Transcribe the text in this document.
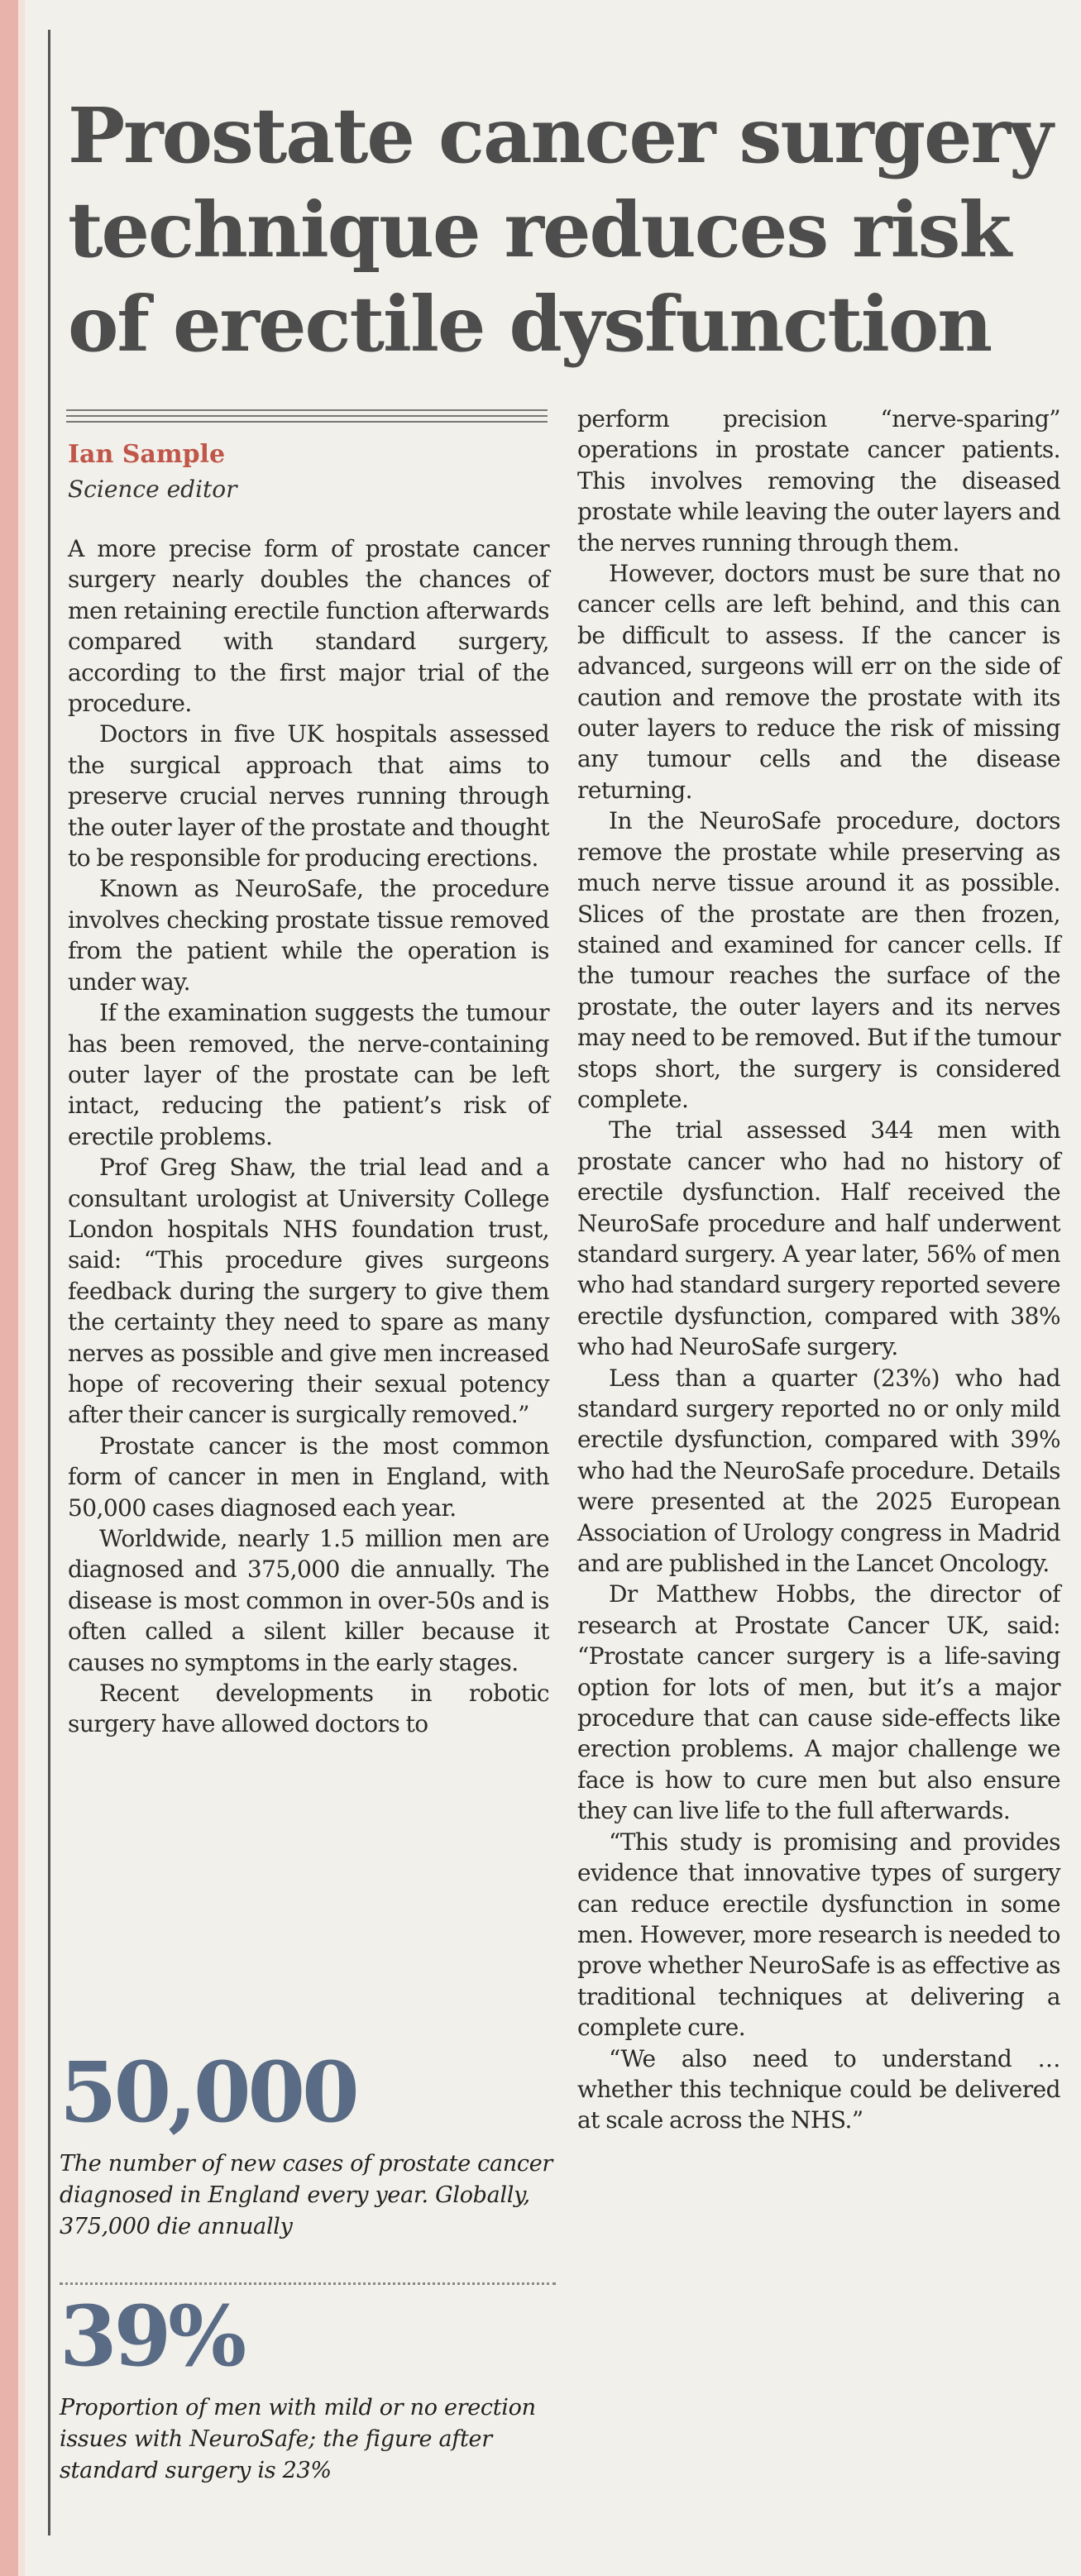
Prostate cancer surgery technique reduces risk of erectile dysfunction
Ian Sample
Science editor

A more precise form of prostate cancer surgery nearly doubles the chances of men retaining erectile function afterwards compared with standard surgery, according to the first major trial of the procedure.

Doctors in five UK hospitals assessed the surgical approach that aims to preserve crucial nerves running through the outer layer of the prostate and thought to be responsible for producing erections.

Known as NeuroSafe, the procedure involves checking prostate tissue removed from the patient while the operation is under way.

If the examination suggests the tumour has been removed, the nerve-containing outer layer of the prostate can be left intact, reducing the patient’s risk of erectile problems.

Prof Greg Shaw, the trial lead and a consultant urologist at University College London hospitals NHS foundation trust, said: “This procedure gives surgeons feedback during the surgery to give them the certainty they need to spare as many nerves as possible and give men increased hope of recovering their sexual potency after their cancer is surgically removed.”

Prostate cancer is the most common form of cancer in men in England, with 50,000 cases diagnosed each year.

Worldwide, nearly 1.5 million men are diagnosed and 375,000 die annually. The disease is most common in over-50s and is often called a silent killer because it causes no symptoms in the early stages.

Recent developments in robotic surgery have allowed doctors to

perform precision “nerve-sparing” operations in prostate cancer patients. This involves removing the diseased prostate while leaving the outer layers and the nerves running through them.

However, doctors must be sure that no cancer cells are left behind, and this can be difficult to assess. If the cancer is advanced, surgeons will err on the side of caution and remove the prostate with its outer layers to reduce the risk of missing any tumour cells and the disease returning.

In the NeuroSafe procedure, doctors remove the prostate while preserving as much nerve tissue around it as possible. Slices of the prostate are then frozen, stained and examined for cancer cells. If the tumour reaches the surface of the prostate, the outer layers and its nerves may need to be removed. But if the tumour stops short, the surgery is considered complete.

The trial assessed 344 men with prostate cancer who had no history of erectile dysfunction. Half received the NeuroSafe procedure and half underwent standard surgery. A year later, 56% of men who had standard surgery reported severe erectile dysfunction, compared with 38% who had NeuroSafe surgery.

Less than a quarter (23%) who had standard surgery reported no or only mild erectile dysfunction, compared with 39% who had the NeuroSafe procedure. Details were presented at the 2025 European Association of Urology congress in Madrid and are published in the Lancet Oncology.

Dr Matthew Hobbs, the director of research at Prostate Cancer UK, said: “Prostate cancer surgery is a life-saving option for lots of men, but it’s a major procedure that can cause side-effects like erection problems. A major challenge we face is how to cure men but also ensure they can live life to the full afterwards.

“This study is promising and provides evidence that innovative types of surgery can reduce erectile dysfunction in some men. However, more research is needed to prove whether NeuroSafe is as effective as traditional techniques at delivering a complete cure.

“We also need to understand … whether this technique could be delivered at scale across the NHS.”

50,000
The number of new cases of prostate cancer diagnosed in England every year. Globally, 375,000 die annually
39%
Proportion of men with mild or no erection issues with NeuroSafe; the figure after standard surgery is 23%
